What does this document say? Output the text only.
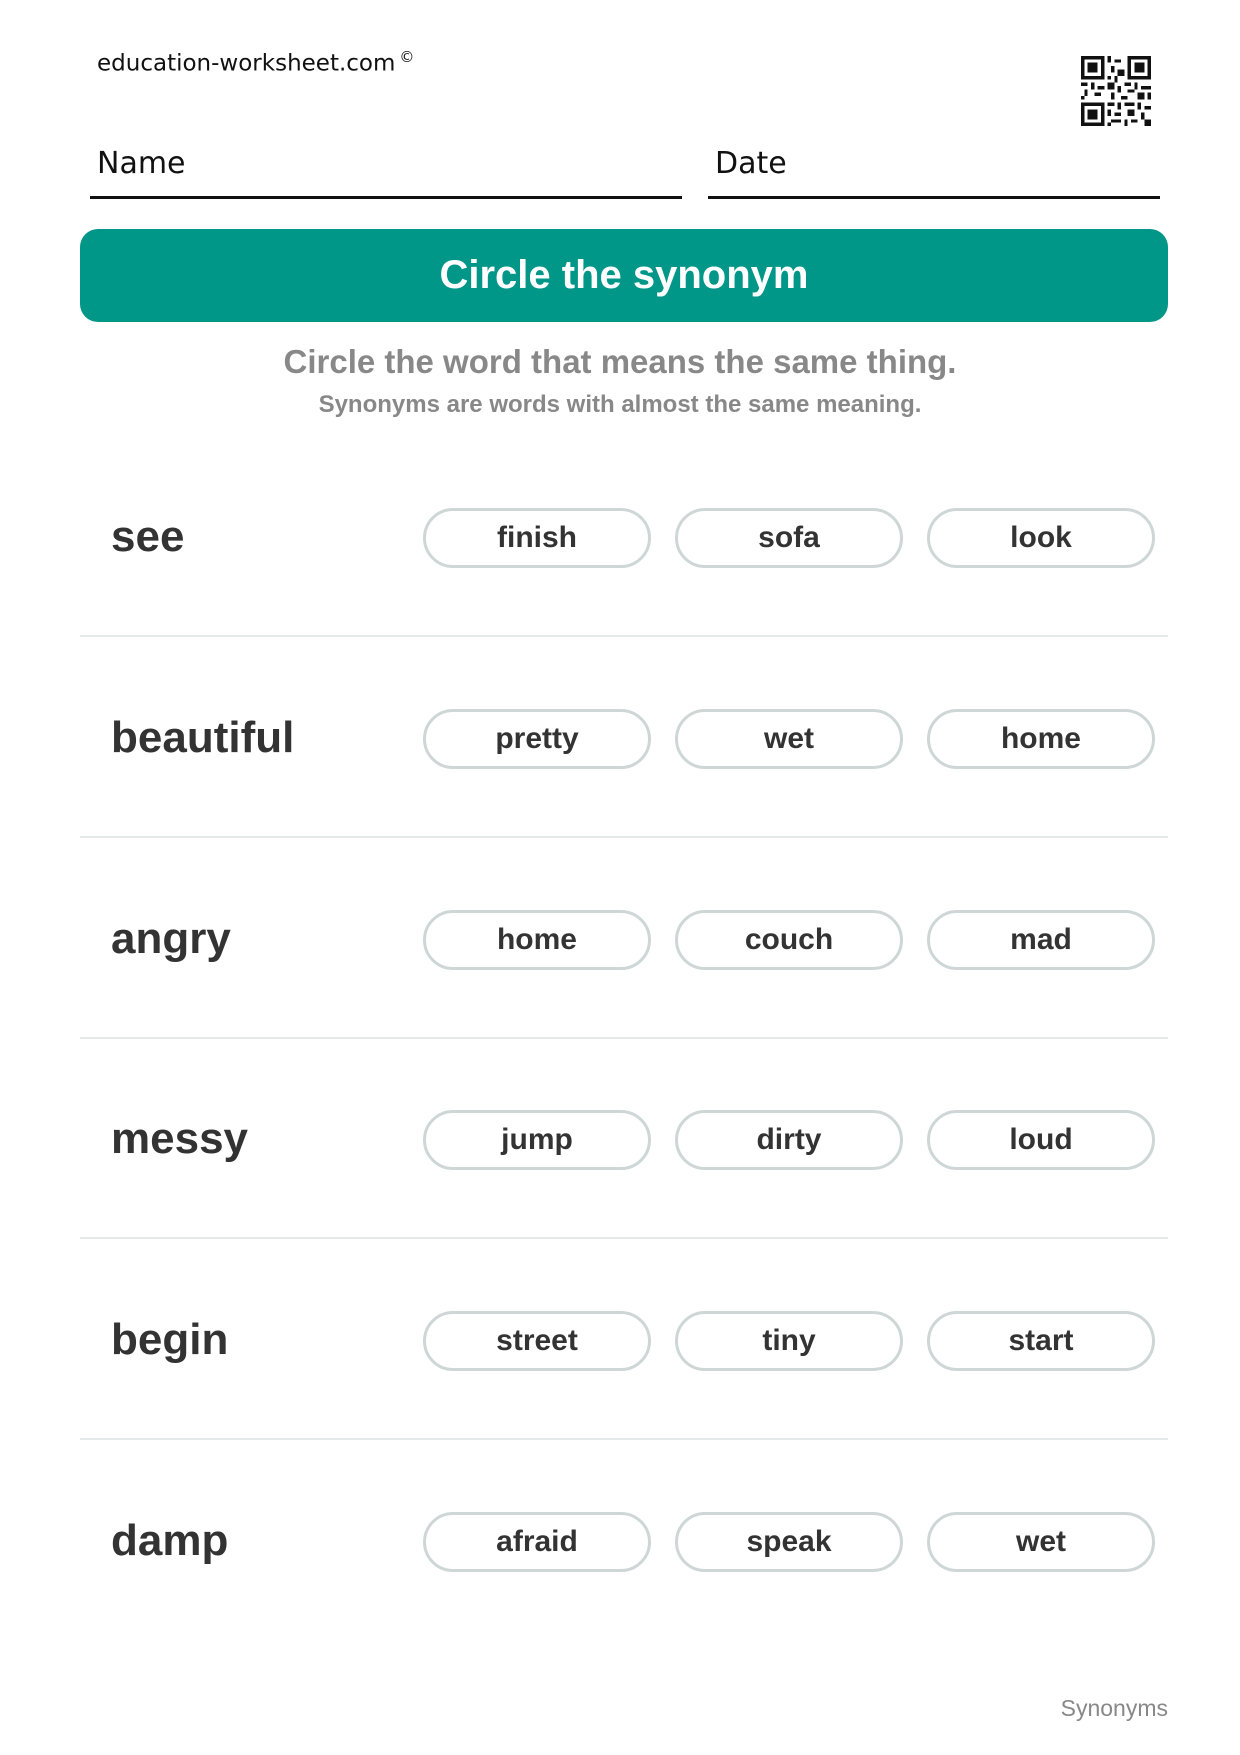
education-worksheet.com ©
Name	Date
Circle the synonym
Circle the word that means the same thing.
Synonyms are words with almost the same meaning.
see	finish	sofa	look
beautiful	pretty	wet	home
angry	home	couch	mad
messy	jump	dirty	loud
begin	street	tiny	start
damp	afraid	speak	wet
Synonyms
